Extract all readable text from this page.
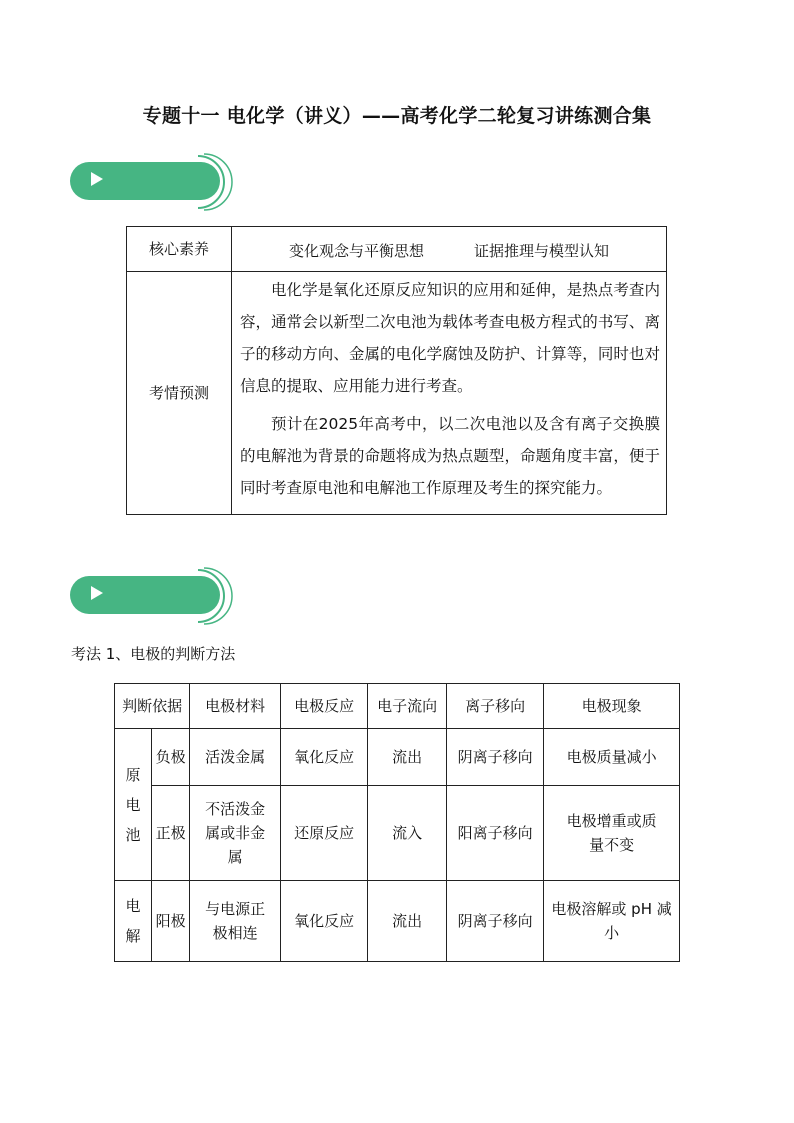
专题十一 电化学（讲义）——高考化学二轮复习讲练测合集
核心素养	变化观念与平衡思想 证据推理与模型认知

考情预测	电化学是氧化还原反应知识的应用和延伸，是热点考查内容，通常会以新型二次电池为载体考查电极方程式的书写、离子的移动方向、金属的电化学腐蚀及防护、计算等，同时也对信息的提取、应用能力进行考查。

预计在2025年高考中，以二次电池以及含有离子交换膜的电解池为背景的命题将成为热点题型，命题角度丰富，便于同时考查原电池和电解池工作原理及考生的探究能力。

考法 1、电极的判断方法
判断依据		电极材料	电极反应	电子流向	离子移向	电极现象
原电池	负极	活泼金属	氧化反应	流出	阴离子移向	电极质量减小
	正极	不活泼金属或非金属	还原反应	流入	阳离子移向	电极增重或质量不变
电解	阳极	与电源正极相连	氧化反应	流出	阴离子移向	电极溶解或 pH 减小
